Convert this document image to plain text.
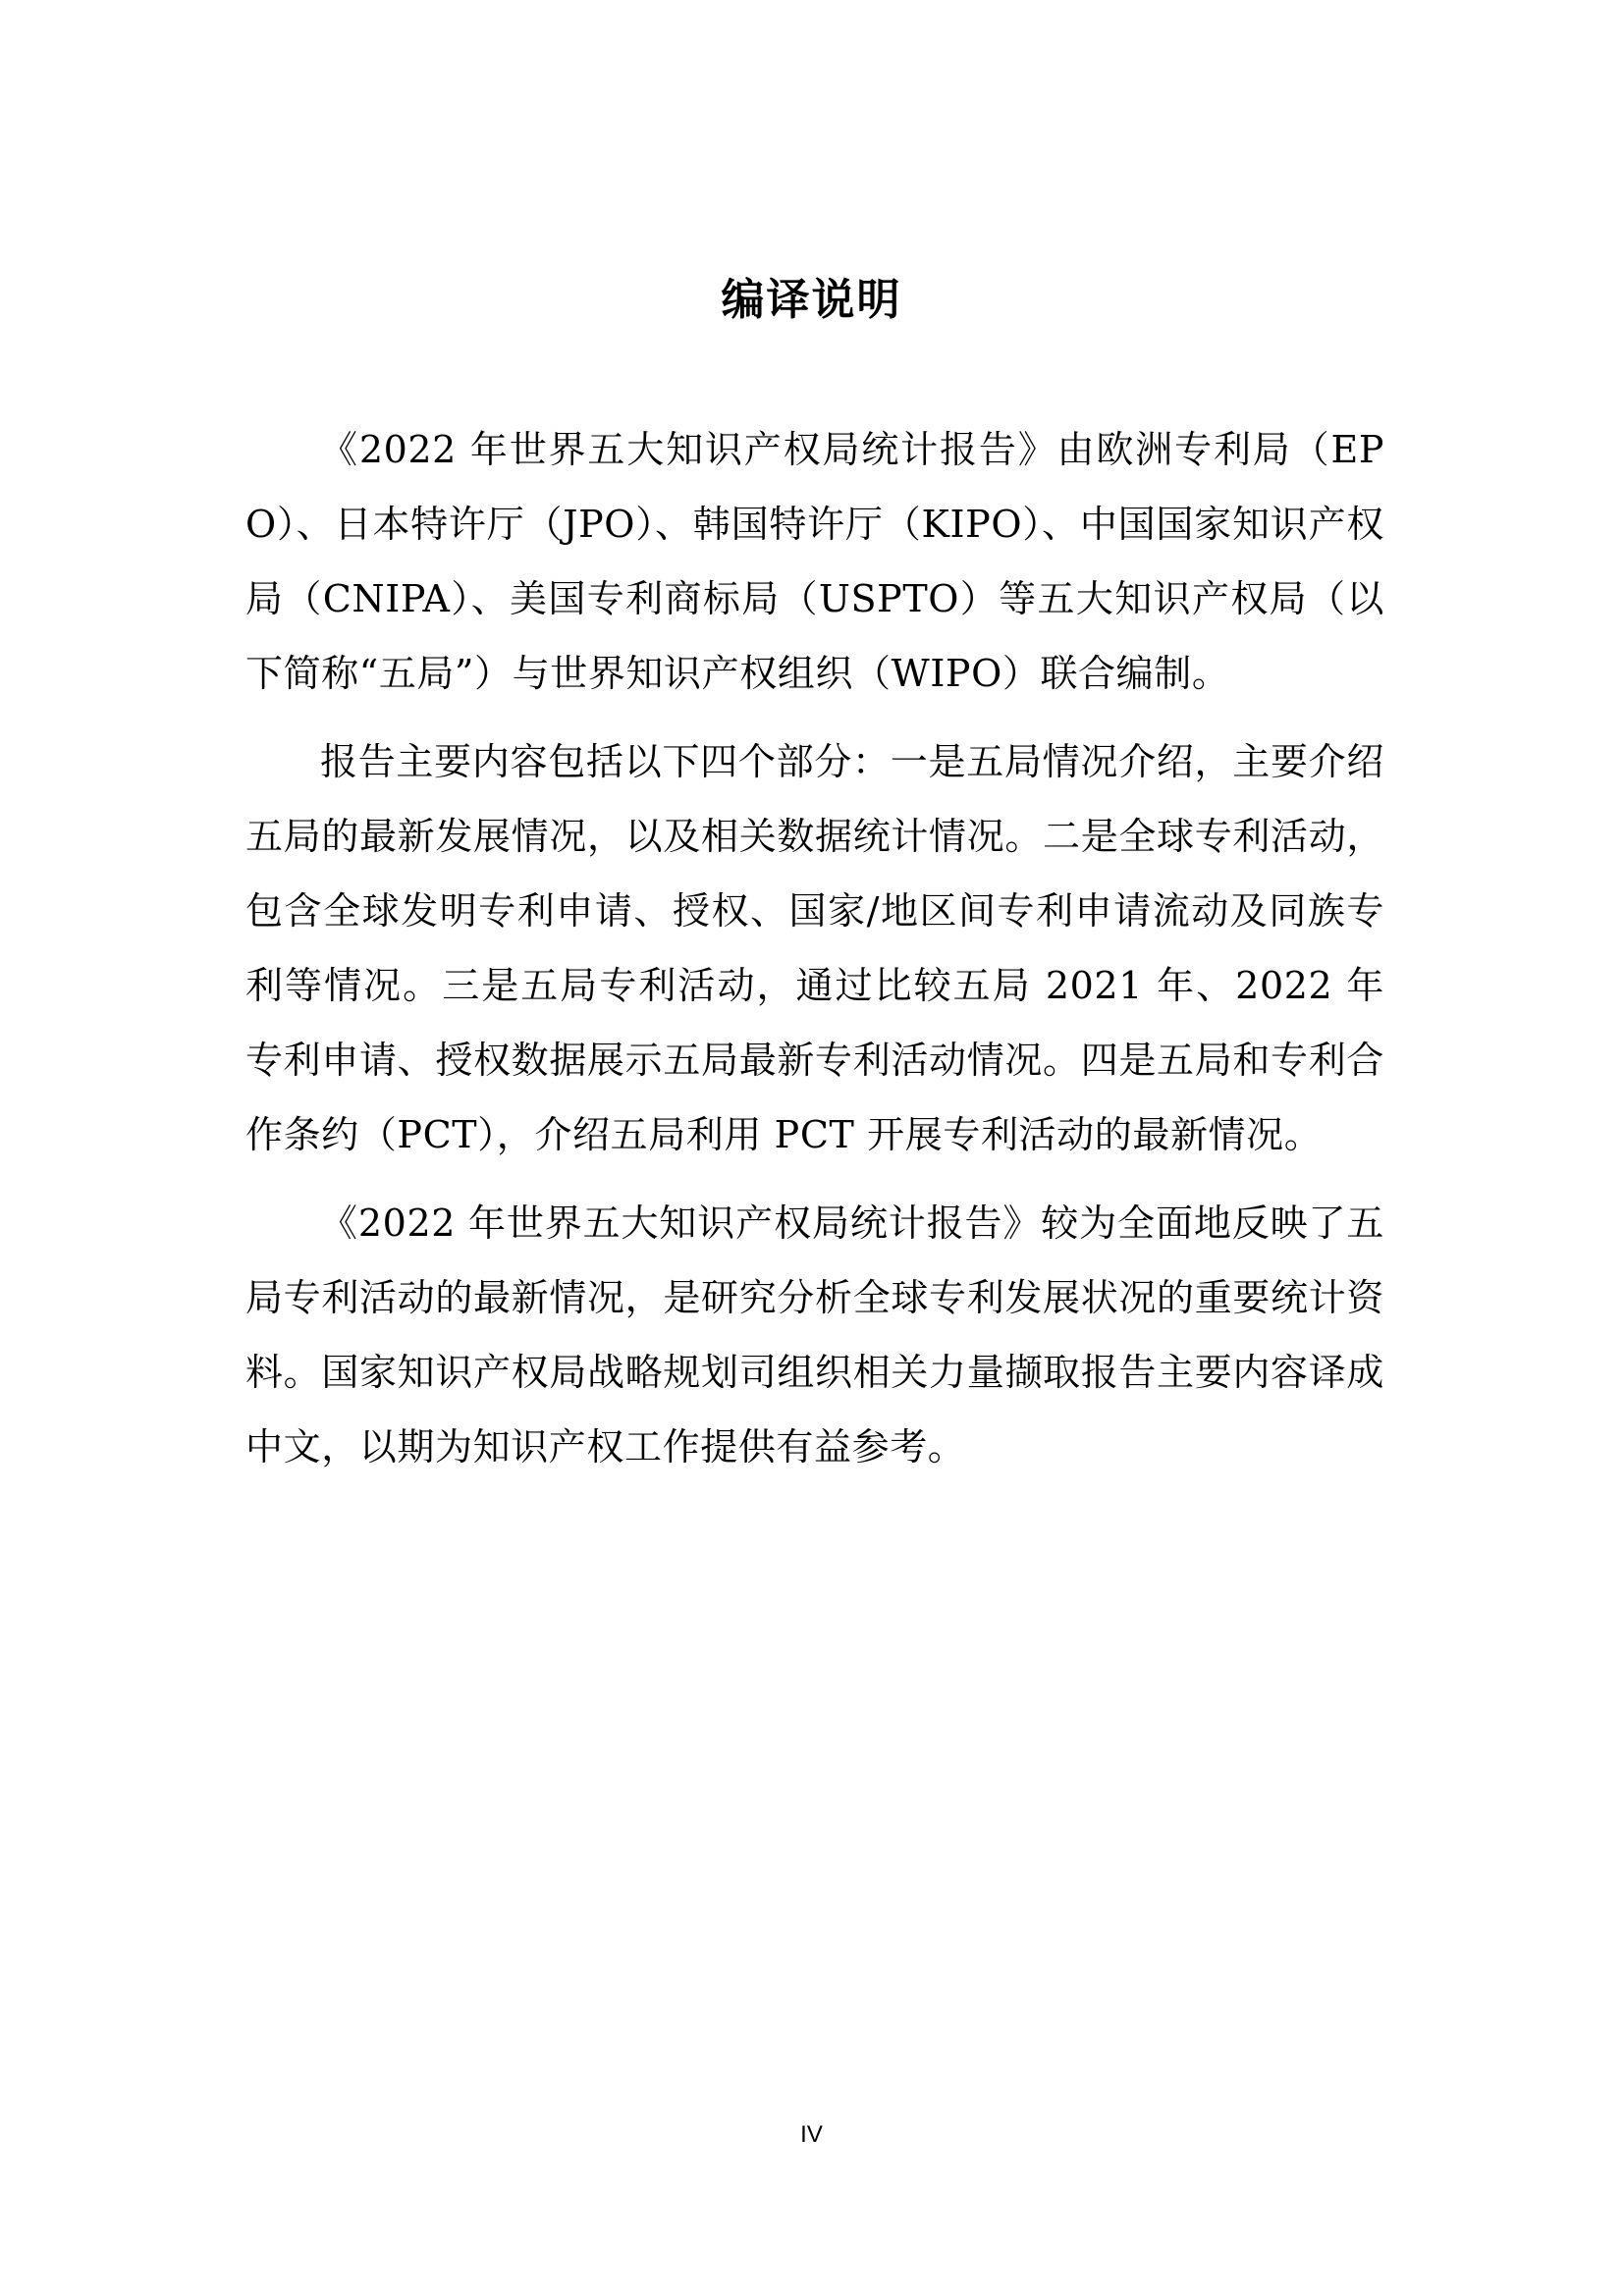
编译说明

《2022 年世界五大知识产权局统计报告》由欧洲专利局（EPO）、日本特许厅（JPO）、韩国特许厅（KIPO）、中国国家知识产权局（CNIPA）、美国专利商标局（USPTO）等五大知识产权局（以下简称“五局”）与世界知识产权组织（WIPO）联合编制。

报告主要内容包括以下四个部分：一是五局情况介绍，主要介绍五局的最新发展情况，以及相关数据统计情况。二是全球专利活动，包含全球发明专利申请、授权、国家/地区间专利申请流动及同族专利等情况。三是五局专利活动，通过比较五局 2021 年、2022 年专利申请、授权数据展示五局最新专利活动情况。四是五局和专利合作条约（PCT），介绍五局利用 PCT 开展专利活动的最新情况。

《2022 年世界五大知识产权局统计报告》较为全面地反映了五局专利活动的最新情况，是研究分析全球专利发展状况的重要统计资料。国家知识产权局战略规划司组织相关力量撷取报告主要内容译成中文，以期为知识产权工作提供有益参考。

IV
